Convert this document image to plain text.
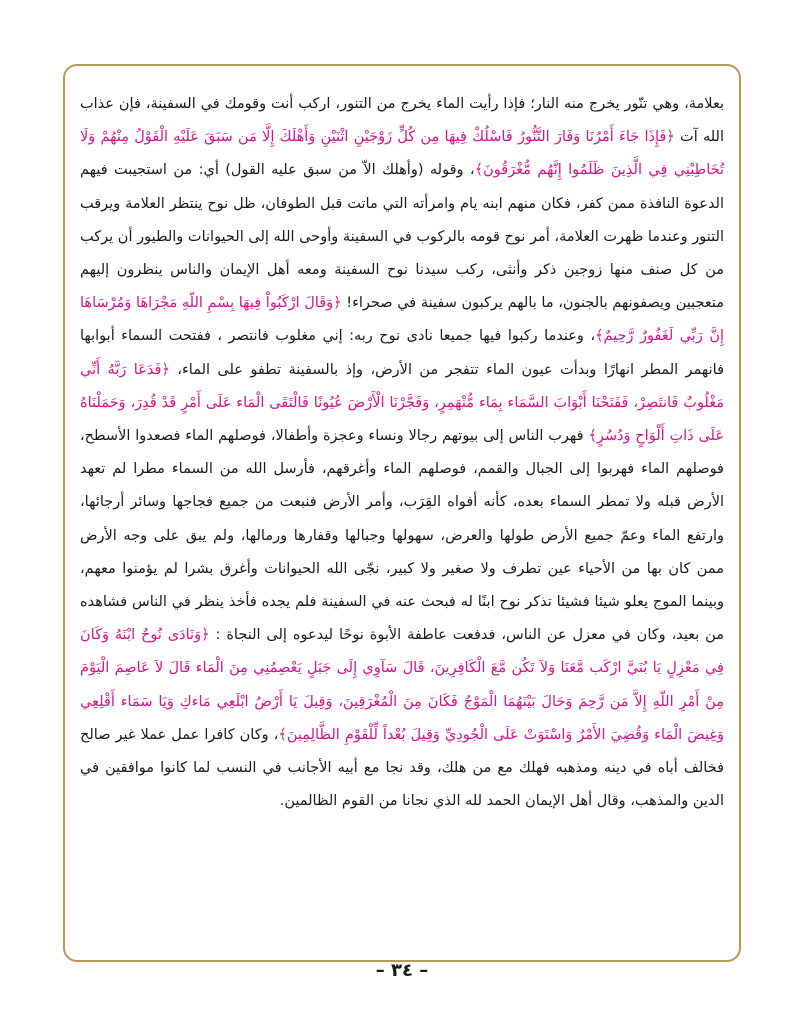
بعلامة، وهي تنّور يخرج منه النار؛ فإذا رأيت الماء يخرج من التنور، اركب أنت وقومك في السفينة، فإن عذاب الله آت ﴿فَإِذَا جَاءَ أَمْرُنَا وَفَارَ التَّنُّورُ فَاسْلُكْ فِيهَا مِن كُلٍّ زَوْجَيْنِ اثْنَيْنِ وَأَهْلَكَ إِلَّا مَن سَبَقَ عَلَيْهِ الْقَوْلُ مِنْهُمْ وَلَا تُخَاطِبْنِي فِي الَّذِينَ ظَلَمُوا إِنَّهُم مُّغْرَقُونَ﴾، وقوله (وأهلك الاّ من سبق عليه القول) أي: من استجيبت فيهم الدعوة النافذة ممن كفر، فكان منهم ابنه يام وامرأته التي ماتت قبل الطوفان، ظل نوح ينتظر العلامة ويرقب التنور وعندما ظهرت العلامة، أمر نوح قومه بالركوب في السفينة وأوحى الله إلى الحيوانات والطيور أن يركب من كل صنف منها زوجين ذكر وأنثى، ركب سيدنا نوح السفينة ومعه أهل الإيمان والناس ينظرون إليهم متعجبين ويصفونهم بالجنون، ما بالهم يركبون سفينة في صحراء! ﴿وَقَالَ ارْكَبُواْ فِيهَا بِسْمِ اللّهِ مَجْرَاهَا وَمُرْسَاهَا إِنَّ رَبِّي لَغَفُورٌ رَّحِيمٌ﴾، وعندما ركبوا فيها جميعا نادى نوح ربه: إني مغلوب فانتصر ، ففتحت السماء أبوابها فانهمر المطر انهارًا وبدأت عيون الماء تتفجر من الأرض، وإذ بالسفينة تطفو على الماء، ﴿فَدَعَا رَبَّهُ أَنِّي مَغْلُوبٌ فَانتَصِرْ، فَفَتَحْنَا أَبْوَابَ السَّمَاء بِمَاء مُّنْهَمِرٍ، وَفَجَّرْنَا الْأَرْضَ عُيُونًا فَالْتَقَى الْمَاء عَلَى أَمْرٍ قَدْ قُدِرَ، وَحَمَلْنَاهُ عَلَى ذَاتِ أَلْوَاحٍ وَدُسُرٍ﴾ فهرب الناس إلى بيوتهم رجالا ونساء وعجزة وأطفالا، فوصلهم الماء فصعدوا الأسطح، فوصلهم الماء فهربوا إلى الجبال والقمم، فوصلهم الماء وأغرقهم، فأرسل الله من السماء مطرا لم تعهد الأرض قبله ولا تمطر السماء بعده، كأنه أفواه القِرَب، وأمر الأرض فنبعت من جميع فجاجها وسائر أرجائها، وارتفع الماء وعمّ جميع الأرض طولها والعرض، سهولها وجبالها وقفارها ورمالها، ولم يبق على وجه الأرض ممن كان بها من الأحياء عين تطرف ولا صغير ولا كبير، نجّى الله الحيوانات وأغرق بشرا لم يؤمنوا معهم، وبينما الموج يعلو شيئا فشيئا تذكر نوح ابنًا له فبحث عنه في السفينة فلم يجده فأخذ ينظر في الناس فشاهده من بعيد، وكان في معزل عن الناس، فدفعت عاطفة الأبوة نوحًا ليدعوه إلى النجاة : ﴿وَنَادَى نُوحٌ ابْنَهُ وَكَانَ فِي مَعْزِلٍ يَا بُنَيَّ ارْكَب مَّعَنَا وَلاَ تَكُن مَّعَ الْكَافِرِينَ، قَالَ سَآوِي إِلَى جَبَلٍ يَعْصِمُنِي مِنَ الْمَاء قَالَ لاَ عَاصِمَ الْيَوْمَ مِنْ أَمْرِ اللّهِ إِلاَّ مَن رَّحِمَ وَحَالَ بَيْنَهُمَا الْمَوْجُ فَكَانَ مِنَ الْمُغْرَقِينَ، وَقِيلَ يَا أَرْضُ ابْلَعِي مَاءكِ وَيَا سَمَاء أَقْلِعِي وَغِيضَ الْمَاء وَقُضِيَ الأَمْرُ وَاسْتَوَتْ عَلَى الْجُودِيِّ وَقِيلَ بُعْداً لِّلْقَوْمِ الظَّالِمِينَ﴾، وكان كافرا عمل عملا غير صالح فخالف أباه في دينه ومذهبه فهلك مع من هلك، وقد نجا مع أبيه الأجانب في النسب لما كانوا موافقين في الدين والمذهب، وقال أهل الإيمان الحمد لله الذي نجانا من القوم الظالمين.
– ٣٤ –
